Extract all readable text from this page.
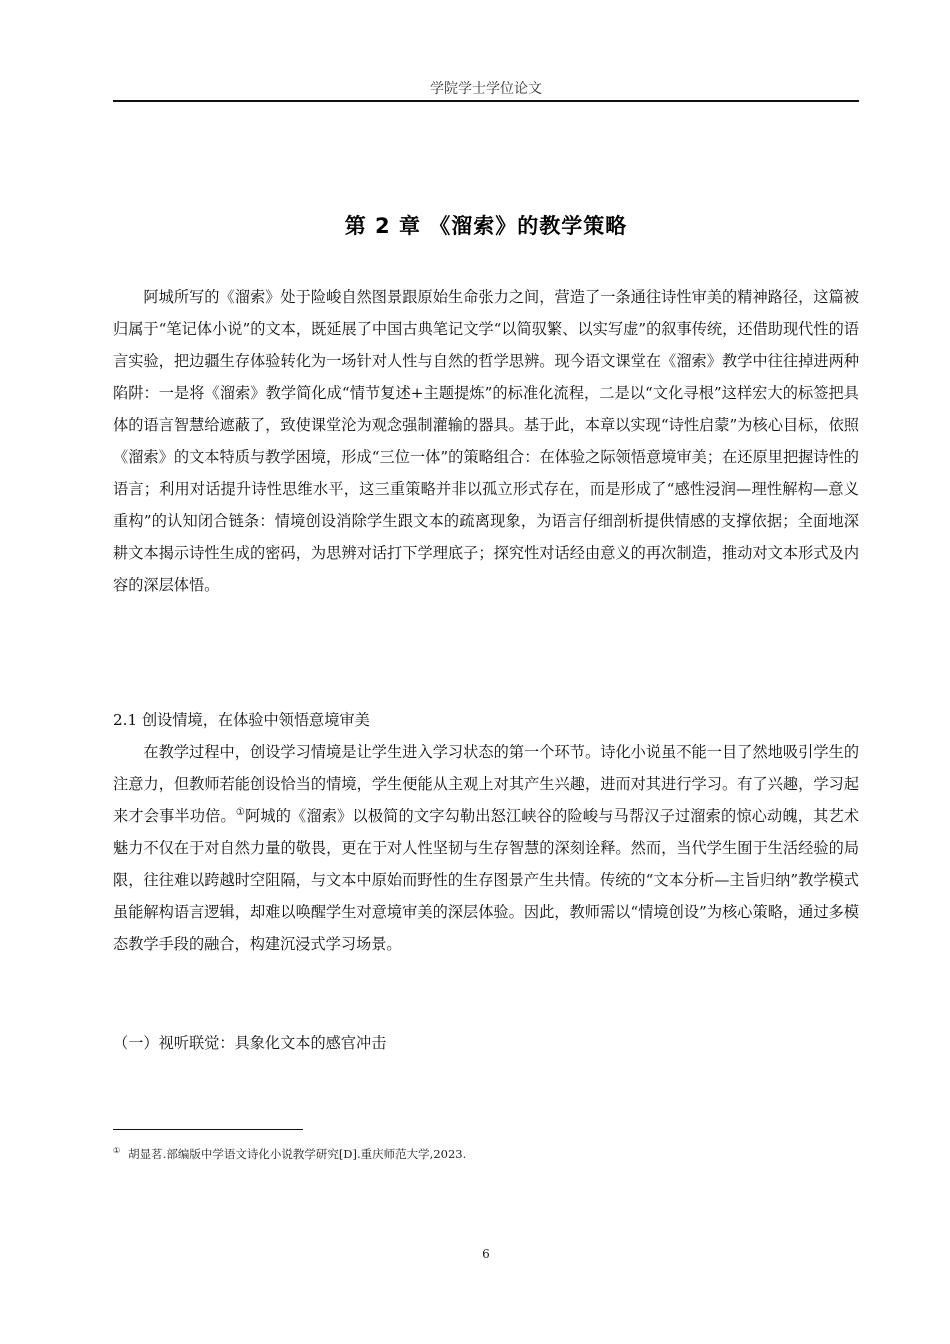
学院学士学位论文
第 2 章 《溜索》的教学策略

阿城所写的《溜索》处于险峻自然图景跟原始生命张力之间，营造了一条通往诗性审美的精神路径，这篇被归属于“笔记体小说”的文本，既延展了中国古典笔记文学“以简驭繁、以实写虚”的叙事传统，还借助现代性的语言实验，把边疆生存体验转化为一场针对人性与自然的哲学思辨。现今语文课堂在《溜索》教学中往往掉进两种陷阱：一是将《溜索》教学简化成“情节复述+主题提炼”的标准化流程，二是以“文化寻根”这样宏大的标签把具体的语言智慧给遮蔽了，致使课堂沦为观念强制灌输的器具。基于此，本章以实现“诗性启蒙”为核心目标，依照《溜索》的文本特质与教学困境，形成“三位一体”的策略组合：在体验之际领悟意境审美；在还原里把握诗性的语言；利用对话提升诗性思维水平，这三重策略并非以孤立形式存在，而是形成了“感性浸润—理性解构—意义重构”的认知闭合链条：情境创设消除学生跟文本的疏离现象，为语言仔细剖析提供情感的支撑依据；全面地深耕文本揭示诗性生成的密码，为思辨对话打下学理底子；探究性对话经由意义的再次制造，推动对文本形式及内容的深层体悟。

2.1 创设情境，在体验中领悟意境审美

在教学过程中，创设学习情境是让学生进入学习状态的第一个环节。诗化小说虽不能一目了然地吸引学生的注意力，但教师若能创设恰当的情境，学生便能从主观上对其产生兴趣，进而对其进行学习。有了兴趣，学习起来才会事半功倍。①阿城的《溜索》以极简的文字勾勒出怒江峡谷的险峻与马帮汉子过溜索的惊心动魄，其艺术魅力不仅在于对自然力量的敬畏，更在于对人性坚韧与生存智慧的深刻诠释。然而，当代学生囿于生活经验的局限，往往难以跨越时空阻隔，与文本中原始而野性的生存图景产生共情。传统的“文本分析—主旨归纳”教学模式虽能解构语言逻辑，却难以唤醒学生对意境审美的深层体验。因此，教师需以“情境创设”为核心策略，通过多模态教学手段的融合，构建沉浸式学习场景。

（一）视听联觉：具象化文本的感官冲击

① 胡显茗.部编版中学语文诗化小说教学研究[D].重庆师范大学,2023.
6
